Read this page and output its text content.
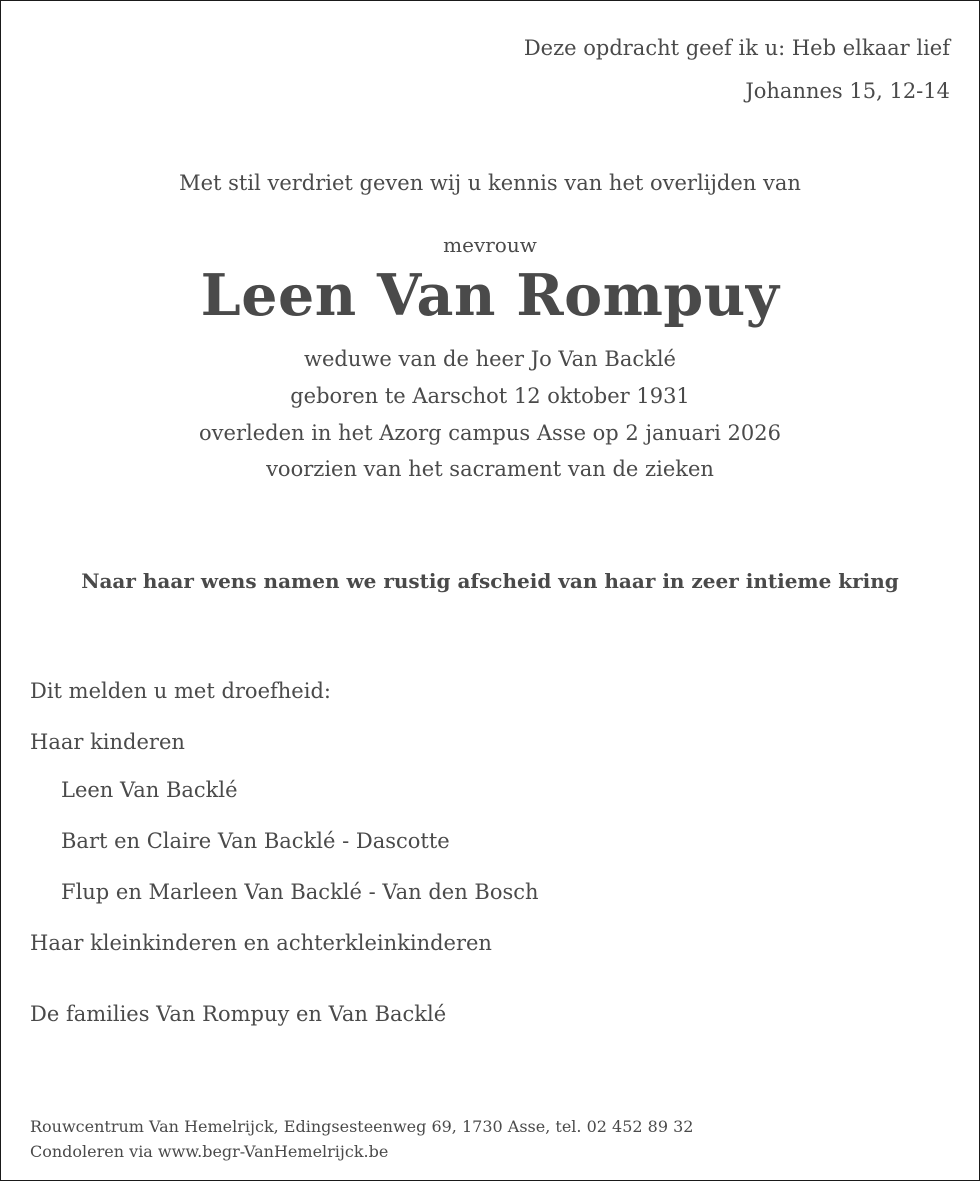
Deze opdracht geef ik u: Heb elkaar lief
Johannes 15, 12-14
Met stil verdriet geven wij u kennis van het overlijden van
mevrouw
Leen Van Rompuy
weduwe van de heer Jo Van Backlé
geboren te Aarschot 12 oktober 1931
overleden in het Azorg campus Asse op 2 januari 2026
voorzien van het sacrament van de zieken
Naar haar wens namen we rustig afscheid van haar in zeer intieme kring
Dit melden u met droefheid:
Haar kinderen
Leen Van Backlé
Bart en Claire Van Backlé - Dascotte
Flup en Marleen Van Backlé - Van den Bosch
Haar kleinkinderen en achterkleinkinderen
De families Van Rompuy en Van Backlé
Rouwcentrum Van Hemelrijck, Edingsesteenweg 69, 1730 Asse, tel. 02 452 89 32
Condoleren via www.begr-VanHemelrijck.be
